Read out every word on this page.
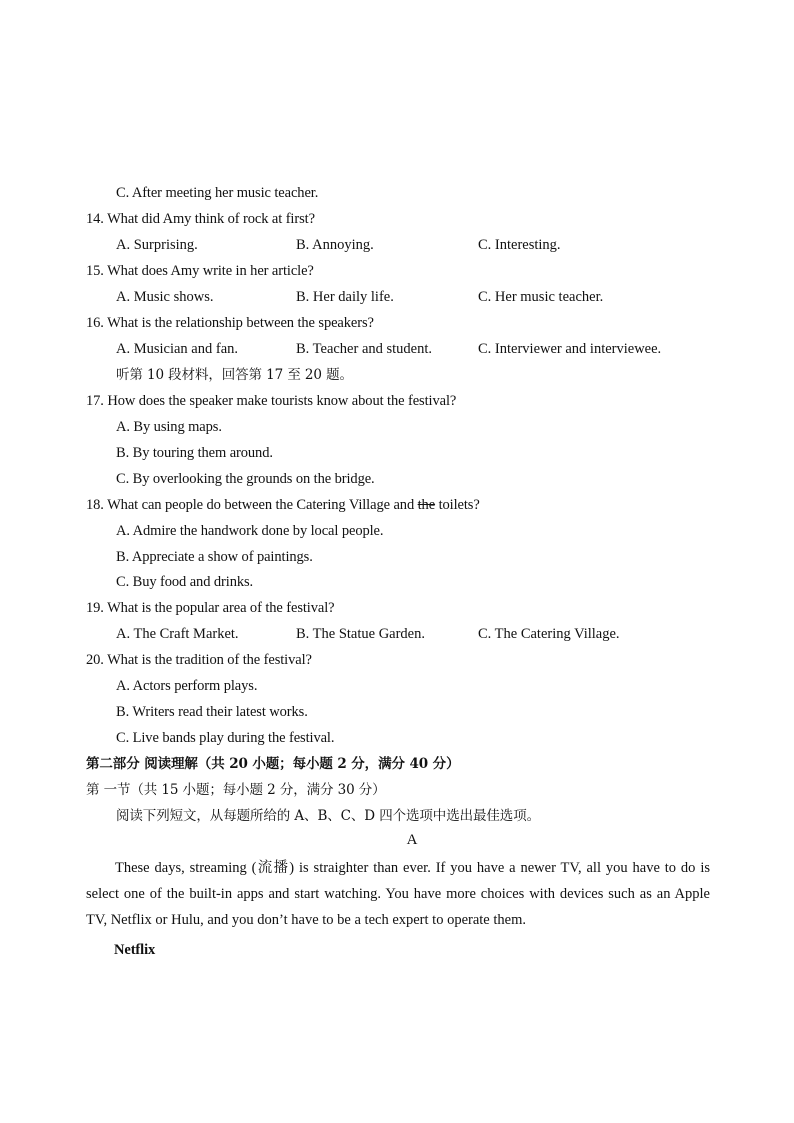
C. After meeting her music teacher.
14. What did Amy think of rock at first?
A. Surprising.	B. Annoying.	C. Interesting.
15. What does Amy write in her article?
A. Music shows.	B. Her daily life.	C. Her music teacher.
16. What is the relationship between the speakers?
A. Musician and fan.	B. Teacher and student.	C. Interviewer and interviewee.
听第 10 段材料，回答第 17 至 20 题。
17. How does the speaker make tourists know about the festival?
A. By using maps.
B. By touring them around.
C. By overlooking the grounds on the bridge.
18. What can people do between the Catering Village and the toilets?
A. Admire the handwork done by local people.
B. Appreciate a show of paintings.
C. Buy food and drinks.
19. What is the popular area of the festival?
A. The Craft Market.	B. The Statue Garden.	C. The Catering Village.
20. What is the tradition of the festival?
A. Actors perform plays.
B. Writers read their latest works.
C. Live bands play during the festival.
第二部分 阅读理解（共 20 小题；每小题 2 分，满分 40 分）
第 一节（共 15 小题；每小题 2 分，满分 30 分）
阅读下列短文，从每题所给的 A、B、C、D 四个选项中选出最佳选项。
A
These days, streaming (流播) is straighter than ever. If you have a newer TV, all you have to do is select one of the built-in apps and start watching. You have more choices with devices such as an Apple TV, Netflix or Hulu, and you don’t have to be a tech expert to operate them.
Netflix
